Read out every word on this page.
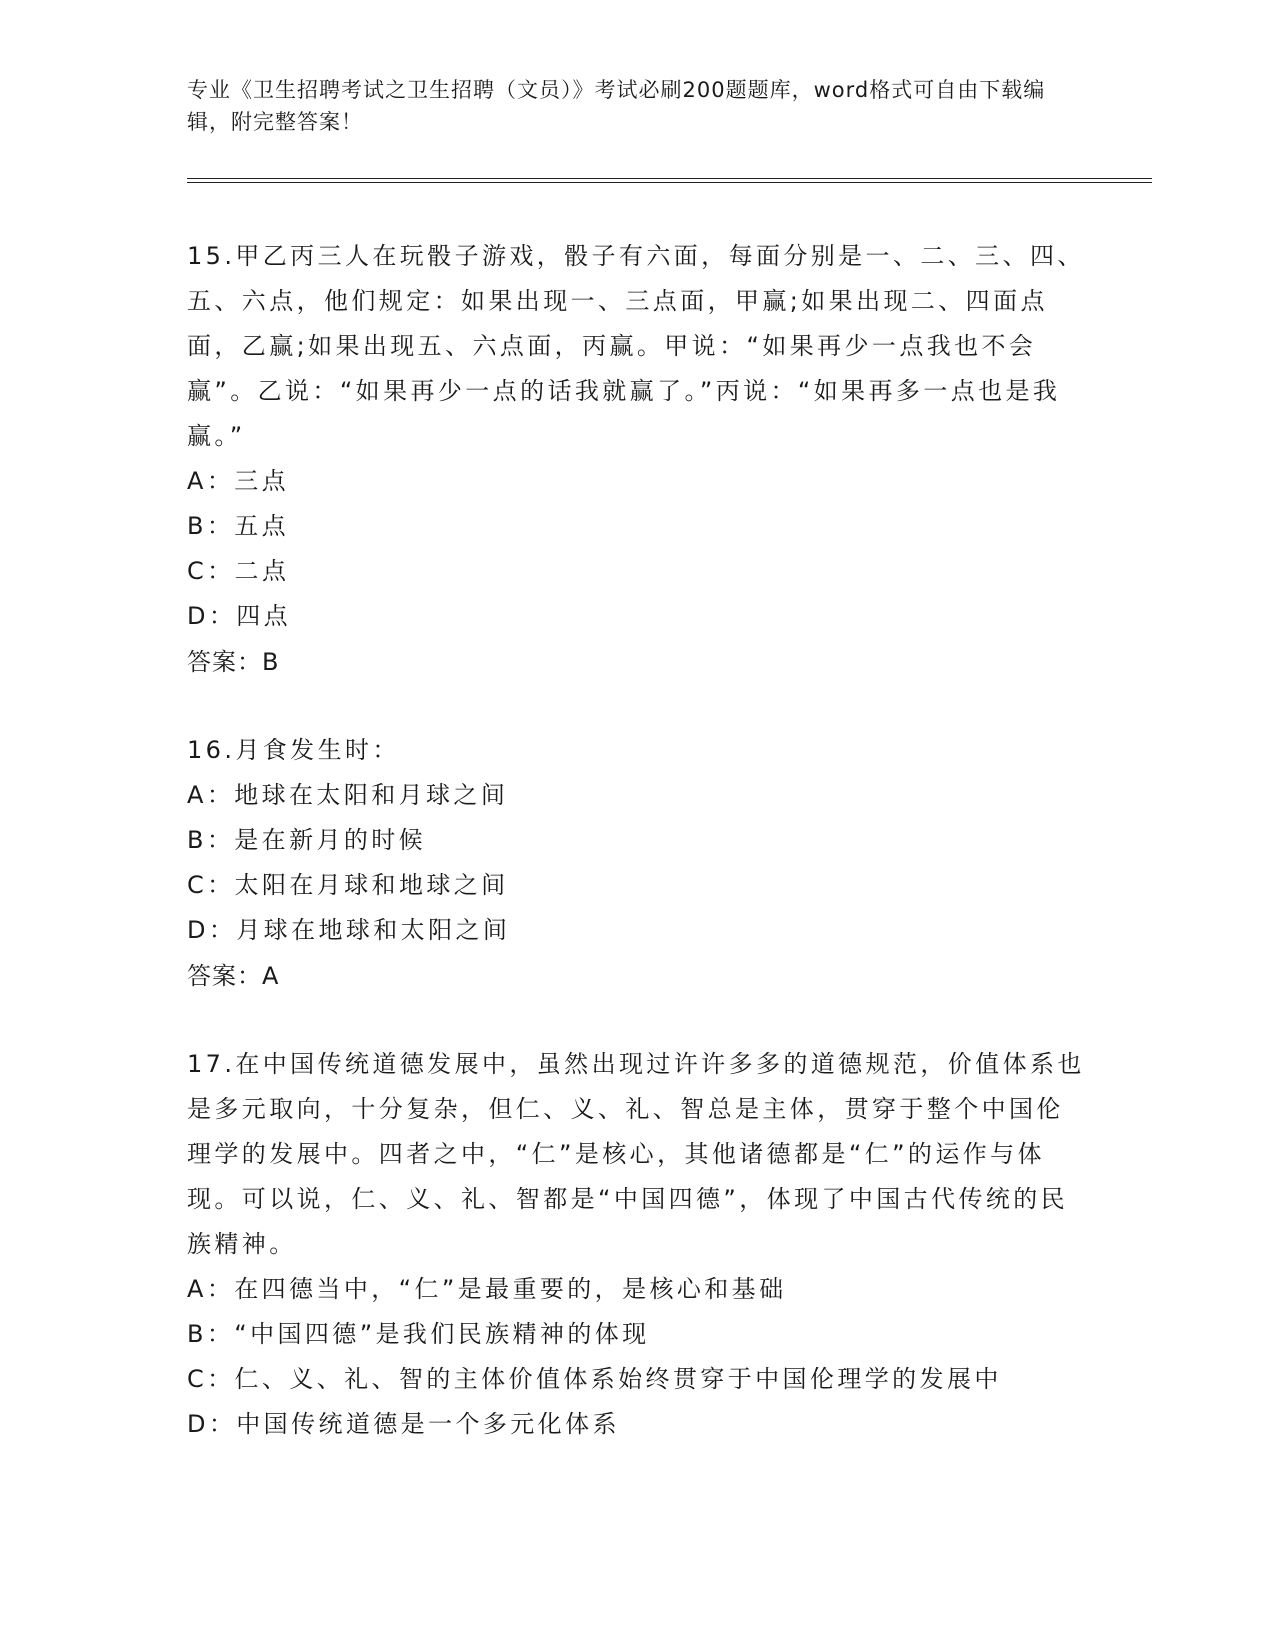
专业《卫生招聘考试之卫生招聘（文员）》考试必刷200题题库，word格式可自由下载编辑，附完整答案！
15.甲乙丙三人在玩骰子游戏，骰子有六面，每面分别是一、二、三、四、五、六点，他们规定：如果出现一、三点面，甲赢;如果出现二、四面点面，乙赢;如果出现五、六点面，丙赢。甲说：“如果再少一点我也不会赢”。乙说：“如果再少一点的话我就赢了。”丙说：“如果再多一点也是我赢。”
A：三点
B：五点
C：二点
D：四点
答案：B
16.月食发生时：
A：地球在太阳和月球之间
B：是在新月的时候
C：太阳在月球和地球之间
D：月球在地球和太阳之间
答案：A
17.在中国传统道德发展中，虽然出现过许许多多的道德规范，价值体系也是多元取向，十分复杂，但仁、义、礼、智总是主体，贯穿于整个中国伦理学的发展中。四者之中，“仁”是核心，其他诸德都是“仁”的运作与体现。可以说，仁、义、礼、智都是“中国四德”，体现了中国古代传统的民族精神。
A：在四德当中，“仁”是最重要的，是核心和基础
B：“中国四德”是我们民族精神的体现
C：仁、义、礼、智的主体价值体系始终贯穿于中国伦理学的发展中
D：中国传统道德是一个多元化体系
